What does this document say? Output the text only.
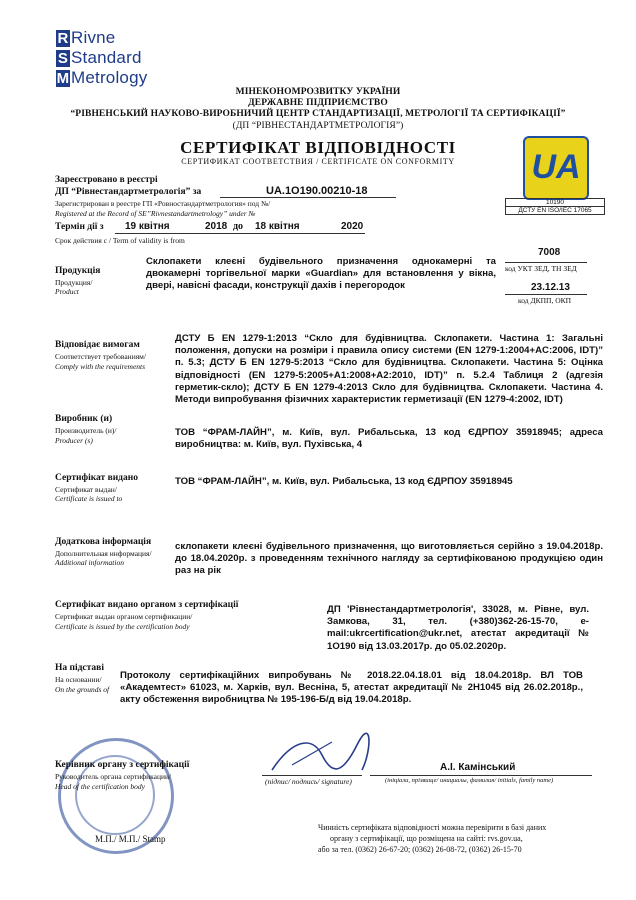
R Rivne
S Standard
MMetrology
МІНЕКОНОМРОЗВИТКУ УКРАЇНИ
ДЕРЖАВНЕ ПІДПРИЄМСТВО
“РІВНЕНСЬКИЙ НАУКОВО-ВИРОБНИЧИЙ ЦЕНТР СТАНДАРТИЗАЦІЇ, МЕТРОЛОГІЇ ТА СЕРТИФІКАЦІЇ”
(ДП “РІВНЕСТАНДАРТМЕТРОЛОГІЯ”)
СЕРТИФІКАТ ВІДПОВІДНОСТІ
СЕРТИФИКАТ СООТВЕТСТВИЯ / CERTIFICATE ON CONFORMITY	UA
10190
ДСТУ EN ISO/IEC 17065
Зареєстровано в реєстрі
ДП “Рівнестандартметрологія” за	UA.1O190.00210-18
Зарегистрирован в реестре ГП «Ровностандартметрология» под №/
Registered at the Record of SE”Rivnestandartmetrology” under №
Термін дії з 19 квітня	2018 до 18 квітня	2020
Срок действия с / Term of validity is from
Продукція
Продукция/
Product
Склопакети клеєні будівельного призначення однокамерні та двокамерні торгівельної марки «Guardian» для встановлення у вікна, двері, навісні фасади, конструкції дахів і перегородок
7008
код УКТ ЗЕД, ТН ЗЕД
23.12.13
код ДКПП, ОКП
Відповідає вимогам
Соответствует требованиям/
Comply with the requirements
ДСТУ Б EN 1279-1:2013 “Скло для будівництва. Склопакети. Частина 1: Загальні положення, допуски на розміри і правила опису системи (EN 1279-1:2004+AC:2006, IDT)” п. 5.3; ДСТУ Б EN 1279-5:2013 “Скло для будівництва. Склопакети. Частина 5: Оцінка відповідності (EN 1279-5:2005+A1:2008+A2:2010, IDT)” п. 5.2.4 Таблиця 2 (адгезія герметик-скло); ДСТУ Б EN 1279-4:2013 Скло для будівництва. Склопакети. Частина 4. Методи випробування фізичних характеристик герметизації (EN 1279-4:2002, IDT)
Виробник (и)
Производитель (и)/
Producer (s)
ТОВ “ФРАМ-ЛАЙН”, м. Київ, вул. Рибальська, 13 код ЄДРПОУ 35918945; адреса виробництва: м. Київ, вул. Пухівська, 4
Сертифікат видано
Сертификат выдан/
Certificate is issued to
ТОВ “ФРАМ-ЛАЙН”, м. Київ, вул. Рибальська, 13 код ЄДРПОУ 35918945
Додаткова інформація
Дополнительная информация/
Additional information
склопакети клеєні будівельного призначення, що виготовляється серійно з 19.04.2018р. до 18.04.2020р. з проведенням технічного нагляду за сертифікованою продукцією один раз на рік
Сертифікат видано органом з сертифікації
Сертификат выдан органом сертификации/
Certificate is issued by the certification body
ДП 'Рівнестандартметрологія', 33028, м. Рівне, вул. Замкова, 31, тел. (+380)362-26-15-70, e-mail:ukrcertification@ukr.net, атестат акредитації № 1О190 від 13.03.2017р. до 05.02.2020р.
На підставі
На основании/
On the grounds of
Протоколу сертифікаційних випробувань № 2018.22.04.18.01 від 18.04.2018р. ВЛ ТОВ «Академтест» 61023, м. Харків, вул. Весніна, 5, атестат акредитації № 2Н1045 від 26.02.2018р., акту обстеження виробництва № 195-196-Б/д від 19.04.2018р.
Керівник органу з сертифікації
Руководитель органа сертификации/
Head of the certification body
(підпис/ подпись/ signature)
А.І. Камінський
(ініціали, прізвище/ инициалы, фамилия/ initials, family name)
М.П./ М.П./ Stamp
Чинність сертифіката відповідності можна перевірити в базі даних
органу з сертифікації, що розміщена на сайті: rvs.gov.ua,
або за тел. (0362) 26-67-20; (0362) 26-08-72, (0362) 26-15-70
